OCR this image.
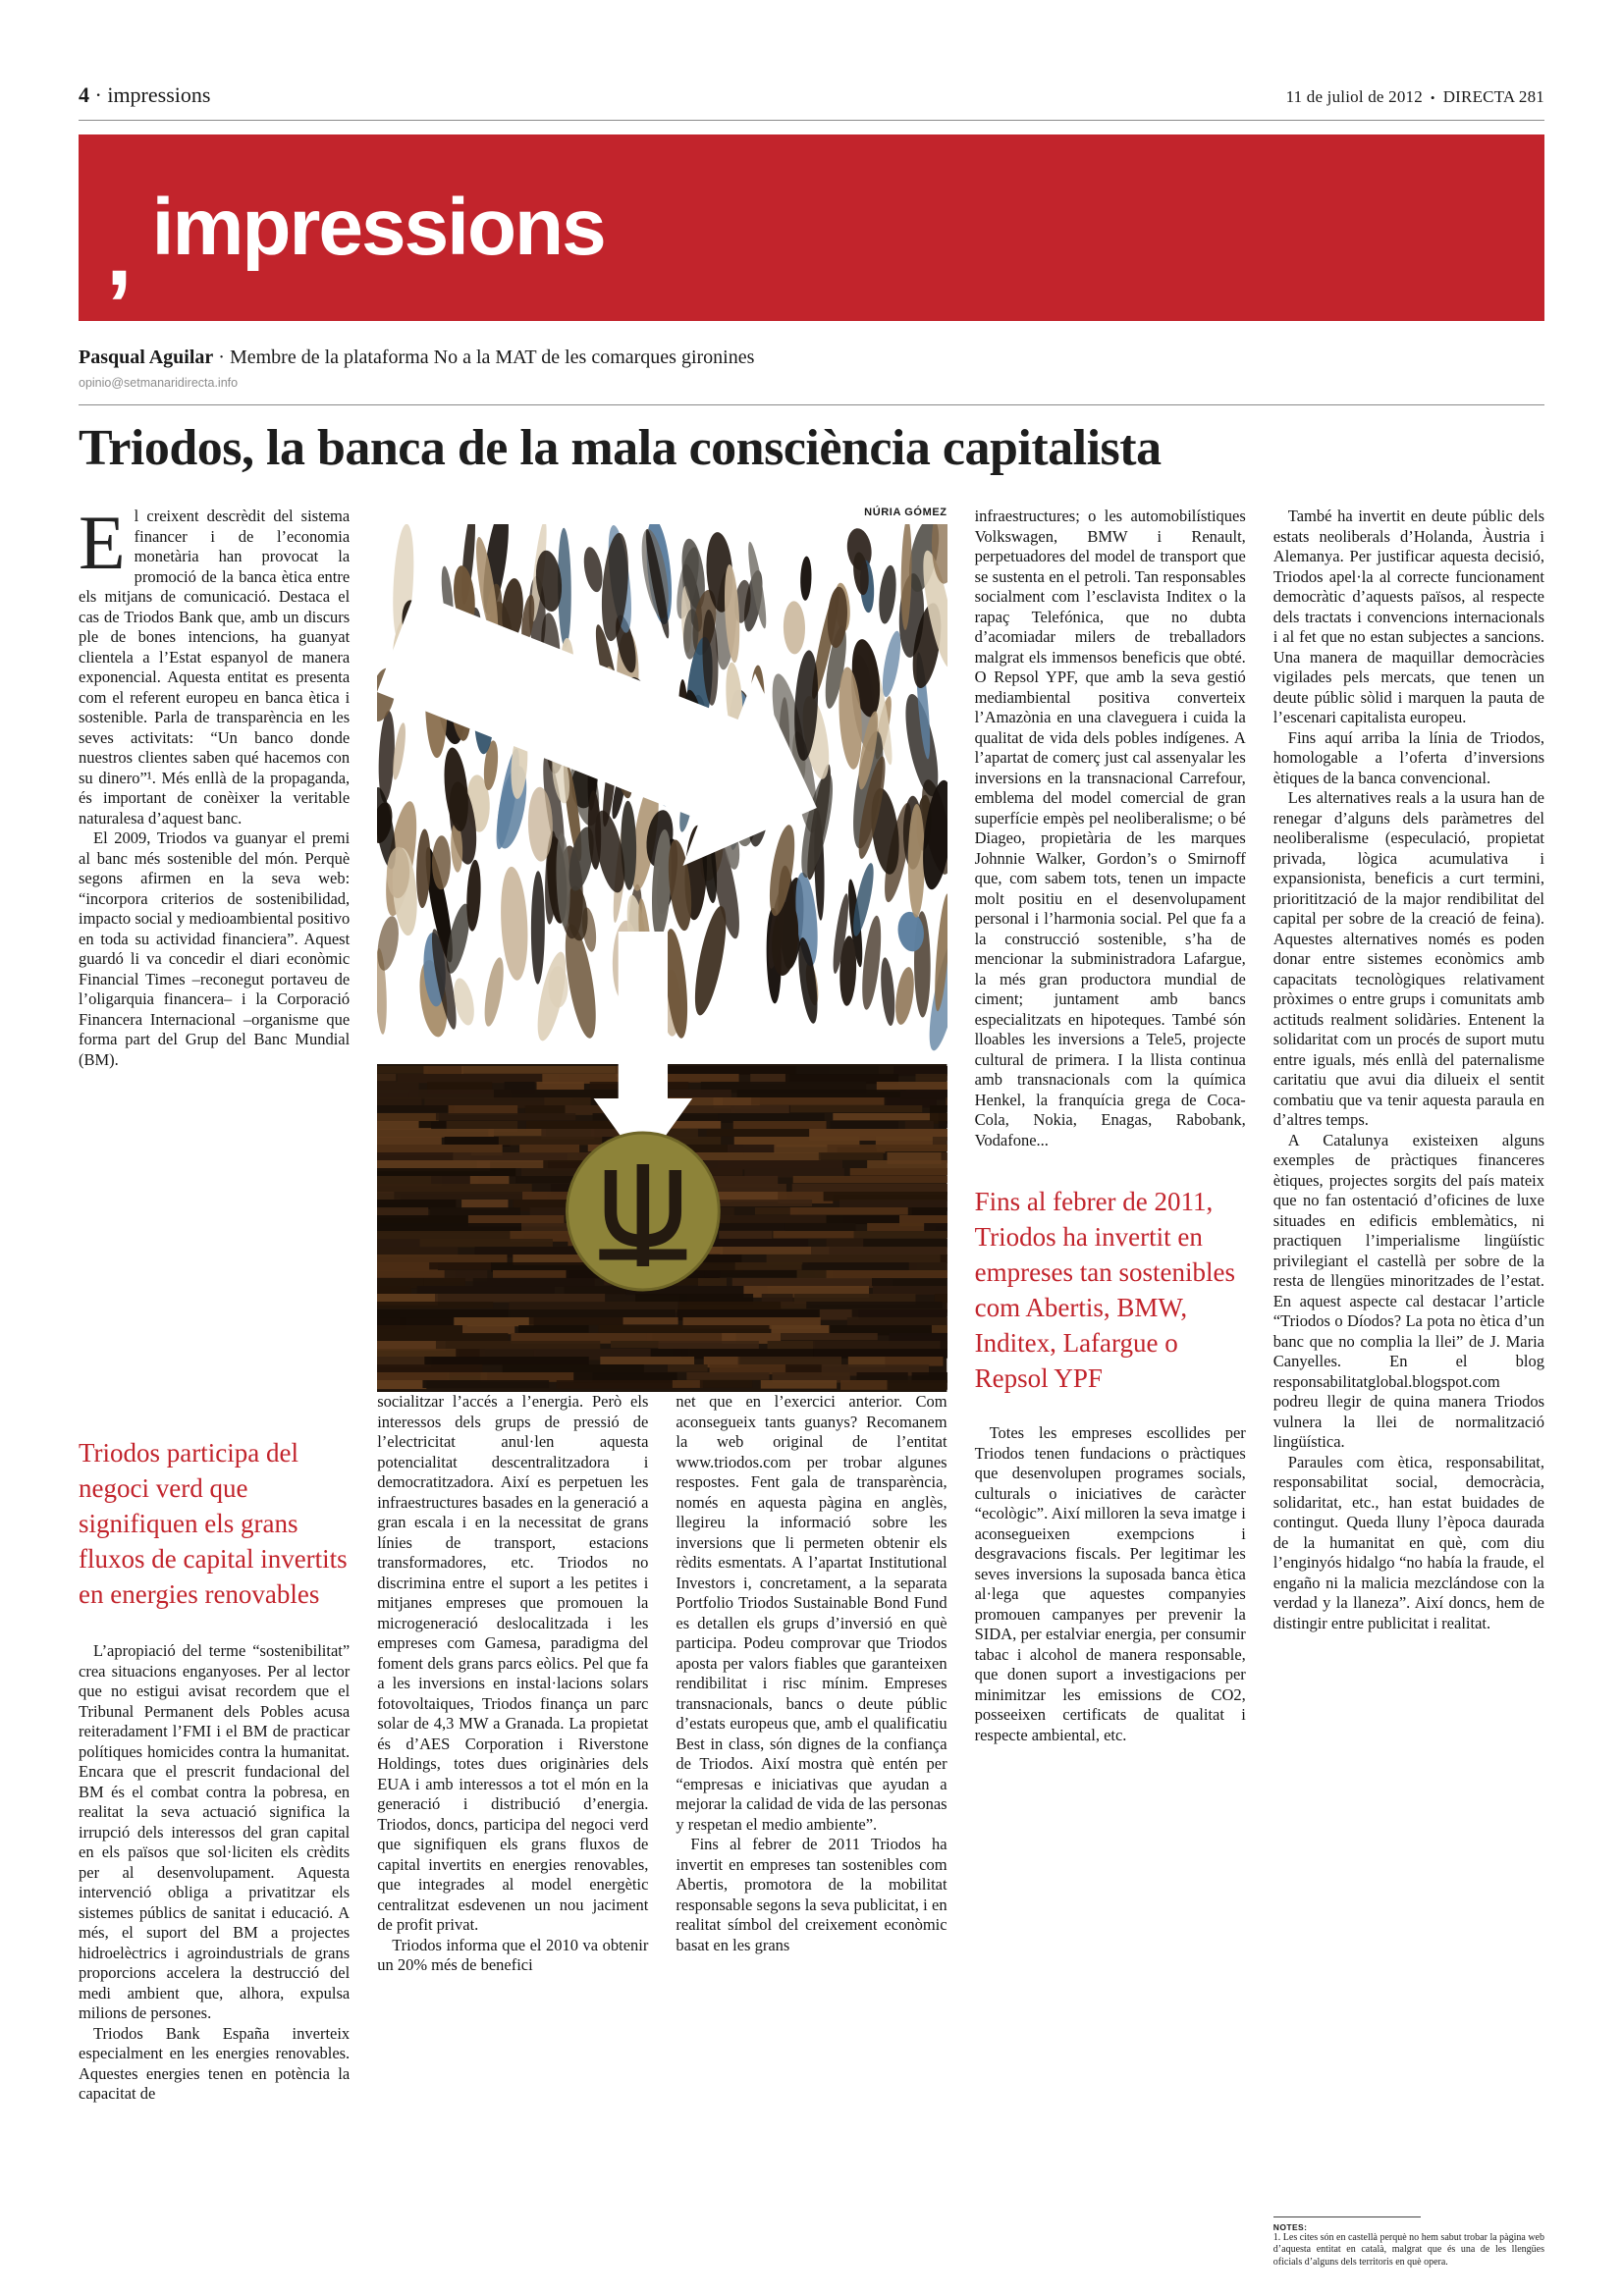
4 · impressions	11 de juliol de 2012 • DIRECTA 281
, impressions
Pasqual Aguilar · Membre de la plataforma No a la MAT de les comarques gironines
opinio@setmanaridirecta.info
Triodos, la banca de la mala consciència capitalista

El creixent descrèdit del sistema financer i de l’economia monetària han provocat la promoció de la banca ètica entre els mitjans de comunicació. Destaca el cas de Triodos Bank que, amb un discurs ple de bones intencions, ha guanyat clientela a l’Estat espanyol de manera exponencial. Aquesta entitat es presenta com el referent europeu en banca ètica i sostenible. Parla de transparència en les seves activitats: “Un banco donde nuestros clientes saben qué hacemos con su dinero”¹. Més enllà de la propaganda, és important de conèixer la veritable naturalesa d’aquest banc.

El 2009, Triodos va guanyar el premi al banc més sostenible del món. Perquè segons afirmen en la seva web: “incorpora criterios de sostenibilidad, impacto social y medioambiental positivo en toda su actividad financiera”. Aquest guardó li va concedir el diari econòmic Financial Times –reconegut portaveu de l’oligarquia financera– i la Corporació Financera Internacional –organisme que forma part del Grup del Banc Mundial (BM).

NÚRIA GÓMEZ infraestructures; o les automobilístiques Volkswagen, BMW i Renault, perpetuadores del model de transport que se sustenta en el petroli. Tan responsables socialment com l’esclavista Inditex o la rapaç Telefónica, que no dubta d’acomiadar milers de treballadors malgrat els immensos beneficis que obté. O Repsol YPF, que amb la seva gestió mediambiental positiva converteix l’Amazònia en una claveguera i cuida la qualitat de vida dels pobles indígenes. A l’apartat de comerç just cal assenyalar les inversions en la transnacional Carrefour, emblema del model comercial de gran superfície empès pel neoliberalisme; o bé Diageo, propietària de les marques Johnnie Walker, Gordon’s o Smirnoff que, com sabem tots, tenen un impacte molt positiu en el desenvolupament personal i l’harmonia social. Pel que fa a la construcció sostenible, s’ha de mencionar la subministradora Lafargue, la més gran productora mundial de ciment; juntament amb bancs especialitzats en hipoteques. També són lloables les inversions a Tele5, projecte cultural de primera. I la llista continua amb transnacionals com la química Henkel, la franquícia grega de Coca-Cola, Nokia, Enagas, Rabobank, Vodafone...

Fins al febrer de 2011, Triodos ha invertit en empreses tan sostenibles com Abertis, BMW, Inditex, Lafargue o Repsol YPF

Totes les empreses escollides per Triodos tenen fundacions o pràctiques que desenvolupen programes socials, culturals o iniciatives de caràcter “ecològic”. Així milloren la seva imatge i aconsegueixen exempcions i desgravacions fiscals. Per legitimar les seves inversions la suposada banca ètica al·lega que aquestes companyies promouen campanyes per prevenir la SIDA, per estalviar energia, per consumir tabac i alcohol de manera responsable, que donen suport a investigacions per minimitzar les emissions de CO2, posseeixen certificats de qualitat i respecte ambiental, etc.

També ha invertit en deute públic dels estats neoliberals d’Holanda, Àustria i Alemanya. Per justificar aquesta decisió, Triodos apel·la al correcte funcionament democràtic d’aquests països, al respecte dels tractats i convencions internacionals i al fet que no estan subjectes a sancions. Una manera de maquillar democràcies vigilades pels mercats, que tenen un deute públic sòlid i marquen la pauta de l’escenari capitalista europeu.

Fins aquí arriba la línia de Triodos, homologable a l’oferta d’inversions ètiques de la banca convencional.

Les alternatives reals a la usura han de renegar d’alguns dels paràmetres del neoliberalisme (especulació, propietat privada, lògica acumulativa i expansionista, beneficis a curt termini, prioritització de la major rendibilitat del capital per sobre de la creació de feina). Aquestes alternatives només es poden donar entre sistemes econòmics amb capacitats tecnològiques relativament pròximes o entre grups i comunitats amb actituds realment solidàries. Entenent la solidaritat com un procés de suport mutu entre iguals, més enllà del paternalisme caritatiu que avui dia dilueix el sentit combatiu que va tenir aquesta paraula en d’altres temps.

A Catalunya existeixen alguns exemples de pràctiques financeres ètiques, projectes sorgits del país mateix que no fan ostentació d’oficines de luxe situades en edificis emblemàtics, ni practiquen l’imperialisme lingüístic privilegiant el castellà per sobre de la resta de llengües minoritzades de l’estat. En aquest aspecte cal destacar l’article “Triodos o Díodos? La pota no ètica d’un banc que no complia la llei” de J. Maria Canyelles. En el blog responsabilitatglobal.blogspot.com podreu llegir de quina manera Triodos vulnera la llei de normalització lingüística.

Paraules com ètica, responsabilitat, responsabilitat social, democràcia, solidaritat, etc., han estat buidades de contingut. Queda lluny l’època daurada de la humanitat en què, com diu l’enginyós hidalgo “no había la fraude, el engaño ni la malicia mezclándose con la verdad y la llaneza”. Així doncs, hem de distingir entre publicitat i realitat.

NOTES:
1. Les cites són en castellà perquè no hem sabut trobar la pàgina web d’aquesta entitat en català, malgrat que és una de les llengües oficials d’alguns dels territoris en què opera.
Triodos participa del negoci verd que signifiquen els grans fluxos de capital invertits en energies renovables

L’apropiació del terme “sostenibilitat” crea situacions enganyoses. Per al lector que no estigui avisat recordem que el Tribunal Permanent dels Pobles acusa reiteradament l’FMI i el BM de practicar polítiques homicides contra la humanitat. Encara que el prescrit fundacional del BM és el combat contra la pobresa, en realitat la seva actuació significa la irrupció dels interessos del gran capital en els països que sol·liciten els crèdits per al desenvolupament. Aquesta intervenció obliga a privatitzar els sistemes públics de sanitat i educació. A més, el suport del BM a projectes hidroelèctrics i agroindustrials de grans proporcions accelera la destrucció del medi ambient que, alhora, expulsa milions de persones.

Triodos Bank España inverteix especialment en les energies renovables. Aquestes energies tenen en potència la capacitat de

socialitzar l’accés a l’energia. Però els interessos dels grups de pressió de l’electricitat anul·len aquesta potencialitat descentralitzadora i democratitzadora. Així es perpetuen les infraestructures basades en la generació a gran escala i en la necessitat de grans línies de transport, estacions transformadores, etc. Triodos no discrimina entre el suport a les petites i mitjanes empreses que promouen la microgeneració deslocalitzada i les empreses com Gamesa, paradigma del foment dels grans parcs eòlics. Pel que fa a les inversions en instal·lacions solars fotovoltaiques, Triodos finança un parc solar de 4,3 MW a Granada. La propietat és d’AES Corporation i Riverstone Holdings, totes dues originàries dels EUA i amb interessos a tot el món en la generació i distribució d’energia. Triodos, doncs, participa del negoci verd que signifiquen els grans fluxos de capital invertits en energies renovables, que integrades al model energètic centralitzat esdevenen un nou jaciment de profit privat.

Triodos informa que el 2010 va obtenir un 20% més de benefici

net que en l’exercici anterior. Com aconsegueix tants guanys? Recomanem la web original de l’entitat www.triodos.com per trobar algunes respostes. Fent gala de transparència, només en aquesta pàgina en anglès, llegireu la informació sobre les inversions que li permeten obtenir els rèdits esmentats. A l’apartat Institutional Investors i, concretament, a la separata Portfolio Triodos Sustainable Bond Fund es detallen els grups d’inversió en què participa. Podeu comprovar que Triodos aposta per valors fiables que garanteixen rendibilitat i risc mínim. Empreses transnacionals, bancs o deute públic d’estats europeus que, amb el qualificatiu Best in class, són dignes de la confiança de Triodos. Així mostra què entén per “empresas e iniciativas que ayudan a mejorar la calidad de vida de las personas y respetan el medio ambiente”.

Fins al febrer de 2011 Triodos ha invertit en empreses tan sostenibles com Abertis, promotora de la mobilitat responsable segons la seva publicitat, i en realitat símbol del creixement econòmic basat en les grans
